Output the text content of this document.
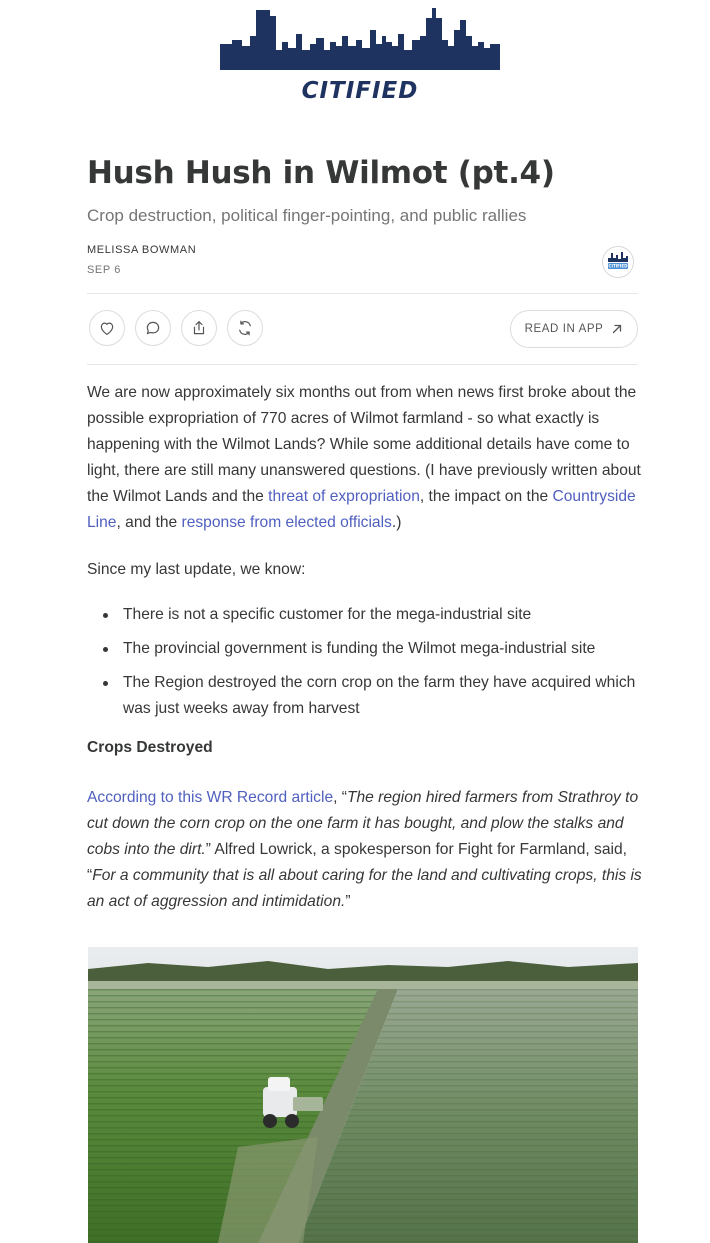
CITIFIED
Hush Hush in Wilmot (pt.4)

Crop destruction, political finger-pointing, and public rallies

MELISSA BOWMAN
SEP 6	CITIFIED
READ IN APP

We are now approximately six months out from when news first broke about the possible expropriation of 770 acres of Wilmot farmland - so what exactly is happening with the Wilmot Lands? While some additional details have come to light, there are still many unanswered questions. (I have previously written about the Wilmot Lands and the threat of expropriation, the impact on the Countryside Line, and the response from elected officials.)

Since my last update, we know:

There is not a specific customer for the mega-industrial site
The provincial government is funding the Wilmot mega-industrial site
The Region destroyed the corn crop on the farm they have acquired which was just weeks away from harvest
Crops Destroyed

According to this WR Record article, “The region hired farmers from Strathroy to cut down the corn crop on the one farm it has bought, and plow the stalks and cobs into the dirt.” Alfred Lowrick, a spokesperson for Fight for Farmland, said, “For a community that is all about caring for the land and cultivating crops, this is an act of aggression and intimidation.”
